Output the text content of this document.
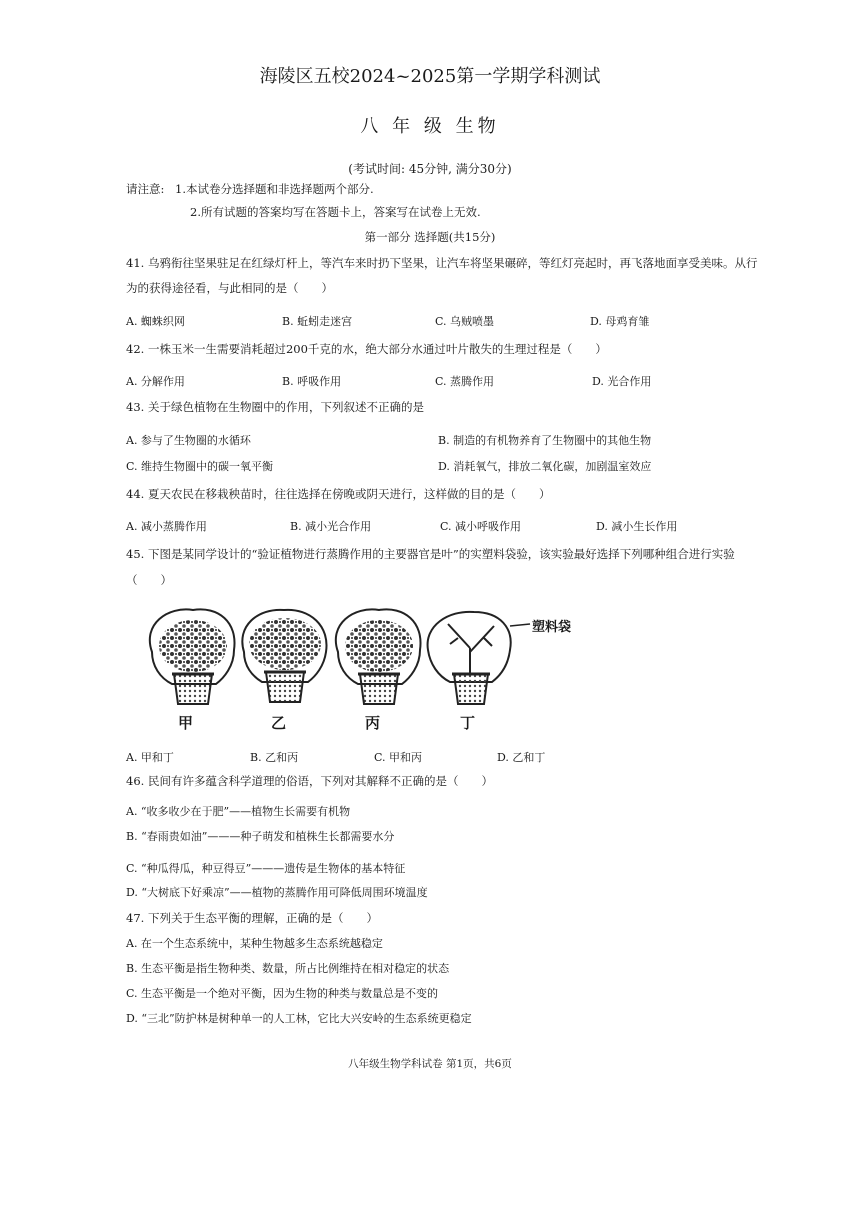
海陵区五校2024~2025第一学期学科测试
八 年 级 生物
(考试时间: 45分钟, 满分30分)
请注意: 1.本试卷分选择题和非选择题两个部分.
2.所有试题的答案均写在答题卡上，答案写在试卷上无效.
第一部分 选择题(共15分)
41. 乌鸦衔往坚果驻足在红绿灯杆上，等汽车来时扔下坚果，让汽车将坚果碾碎，等红灯亮起时，再飞落地面享受美味。从行
为的获得途径看，与此相同的是（　　）
A. 蜘蛛织网	B. 蚯蚓走迷宫	C. 乌贼喷墨	D. 母鸡育雏
42. 一株玉米一生需要消耗超过200千克的水，绝大部分水通过叶片散失的生理过程是（　　）
A. 分解作用	B. 呼吸作用	C. 蒸腾作用	D. 光合作用
43. 关于绿色植物在生物圈中的作用，下列叙述不正确的是
A. 参与了生物圈的水循环	B. 制造的有机物养育了生物圈中的其他生物
C. 维持生物圈中的碳一氧平衡	D. 消耗氧气，排放二氧化碳，加剧温室效应
44. 夏天农民在移栽秧苗时，往往选择在傍晚或阴天进行，这样做的目的是（　　）
A. 减小蒸腾作用	B. 减小光合作用	C. 减小呼吸作用	D. 减小生长作用
45. 下图是某同学设计的“验证植物进行蒸腾作用的主要器官是叶”的实塑料袋验，该实验最好选择下列哪种组合进行实验
（　　）
塑料袋
甲	乙	丙	丁
A. 甲和丁	B. 乙和丙	C. 甲和丙	D. 乙和丁
46. 民间有许多蕴含科学道理的俗语，下列对其解释不正确的是（　　）
A. “收多收少在于肥”——植物生长需要有机物
B. “春雨贵如油”———种子萌发和植株生长都需要水分
C. “种瓜得瓜，种豆得豆”———遗传是生物体的基本特征
D. “大树底下好乘凉”——植物的蒸腾作用可降低周围环境温度
47. 下列关于生态平衡的理解，正确的是（　　）
A. 在一个生态系统中，某种生物越多生态系统越稳定
B. 生态平衡是指生物种类、数量，所占比例维持在相对稳定的状态
C. 生态平衡是一个绝对平衡，因为生物的种类与数量总是不变的
D. “三北”防护林是树种单一的人工林，它比大兴安岭的生态系统更稳定
八年级生物学科试卷 第1页，共6页
